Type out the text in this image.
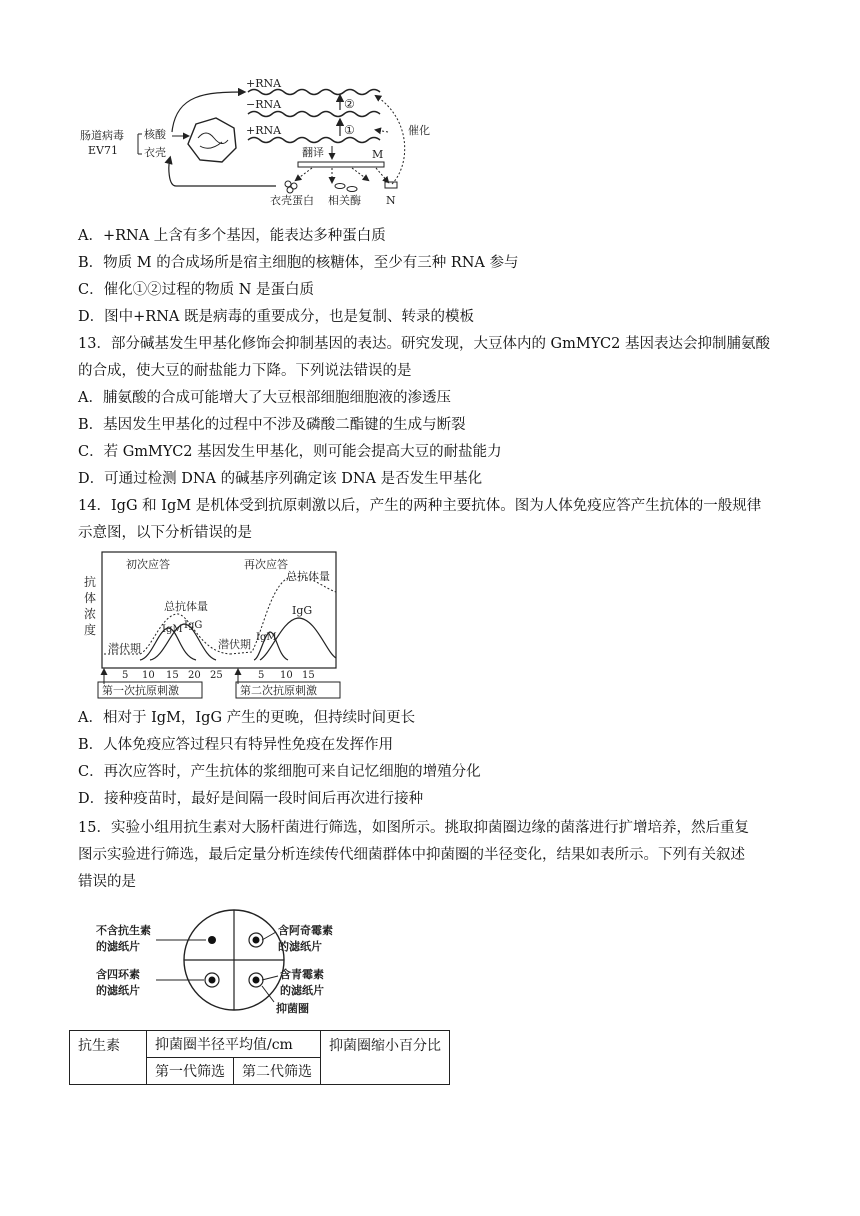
+RNA
−RNA
+RNA
②
①	催化
肠道病毒
EV71
核酸
衣壳	翻译	M
衣壳蛋白 相关酶 N
A．+RNA 上含有多个基因，能表达多种蛋白质
B．物质 M 的合成场所是宿主细胞的核糖体，至少有三种 RNA 参与
C．催化①②过程的物质 N 是蛋白质
D．图中+RNA 既是病毒的重要成分，也是复制、转录的模板
13．部分碱基发生甲基化修饰会抑制基因的表达。研究发现，大豆体内的 GmMYC2 基因表达会抑制脯氨酸
的合成，使大豆的耐盐能力下降。下列说法错误的是
A．脯氨酸的合成可能增大了大豆根部细胞细胞液的渗透压
B．基因发生甲基化的过程中不涉及磷酸二酯键的生成与断裂
C．若 GmMYC2 基因发生甲基化，则可能会提高大豆的耐盐能力
D．可通过检测 DNA 的碱基序列确定该 DNA 是否发生甲基化
14．IgG 和 IgM 是机体受到抗原刺激以后，产生的两种主要抗体。图为人体免疫应答产生抗体的一般规律
示意图，以下分析错误的是
抗
体
浓
度
初次应答	再次应答
总抗体量
总抗体量
IgM IgG
IgM
IgG
潜伏期	潜伏期
5 10 15 20 25	5 10 15
第一次抗原刺激	第二次抗原刺激
A．相对于 IgM，IgG 产生的更晚，但持续时间更长
B．人体免疫应答过程只有特异性免疫在发挥作用
C．再次应答时，产生抗体的浆细胞可来自记忆细胞的增殖分化
D．接种疫苗时，最好是间隔一段时间后再次进行接种
15．实验小组用抗生素对大肠杆菌进行筛选，如图所示。挑取抑菌圈边缘的菌落进行扩增培养，然后重复
图示实验进行筛选，最后定量分析连续传代细菌群体中抑菌圈的半径变化，结果如表所示。下列有关叙述
错误的是
不含抗生素
的滤纸片
含阿奇霉素
的滤纸片
含四环素
的滤纸片
含青霉素
的滤纸片
抑菌圈
抗生素	抑菌圈半径平均值/cm		抑菌圈缩小百分比
	第一代筛选	第二代筛选	
